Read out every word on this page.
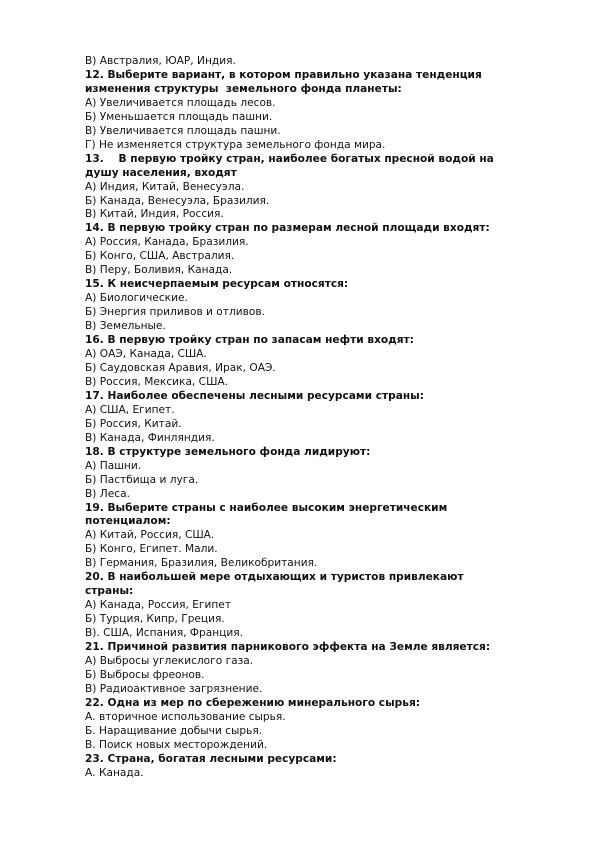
В) Австралия, ЮАР, Индия.
12. Выберите вариант, в котором правильно указана тенденция
изменения структуры  земельного фонда планеты:
А) Увеличивается площадь лесов.
Б) Уменьшается площадь пашни.
В) Увеличивается площадь пашни.
Г) Не изменяется структура земельного фонда мира.
13.    В первую тройку стран, наиболее богатых пресной водой на
душу населения, входят
А) Индия, Китай, Венесуэла.
Б) Канада, Венесуэла, Бразилия.
В) Китай, Индия, Россия.
14. В первую тройку стран по размерам лесной площади входят:
А) Россия, Канада, Бразилия.
Б) Конго, США, Австралия.
В) Перу, Боливия, Канада.
15. К неисчерпаемым ресурсам относятся:
А) Биологические.
Б) Энергия приливов и отливов.
В) Земельные.
16. В первую тройку стран по запасам нефти входят:
А) ОАЭ, Канада, США.
Б) Саудовская Аравия, Ирак, ОАЭ.
В) Россия, Мексика, США.
17. Наиболее обеспечены лесными ресурсами страны:
А) США, Египет.
Б) Россия, Китай.
В) Канада, Финляндия.
18. В структуре земельного фонда лидируют:
А) Пашни.
Б) Пастбища и луга.
В) Леса.
19. Выберите страны с наиболее высоким энергетическим
потенциалом:
А) Китай, Россия, США.
Б) Конго, Египет. Мали.
В) Германия, Бразилия, Великобритания.
20. В наибольшей мере отдыхающих и туристов привлекают
страны:
А) Канада, Россия, Египет
Б) Турция, Кипр, Греция.
В). США, Испания, Франция.
21. Причиной развития парникового эффекта на Земле является:
А) Выбросы углекислого газа.
Б) Выбросы фреонов.
В) Радиоактивное загрязнение.
22. Одна из мер по сбережению минерального сырья:
А. вторичное использование сырья.
Б. Наращивание добычи сырья.
В. Поиск новых месторождений.
23. Страна, богатая лесными ресурсами:
А. Канада.
